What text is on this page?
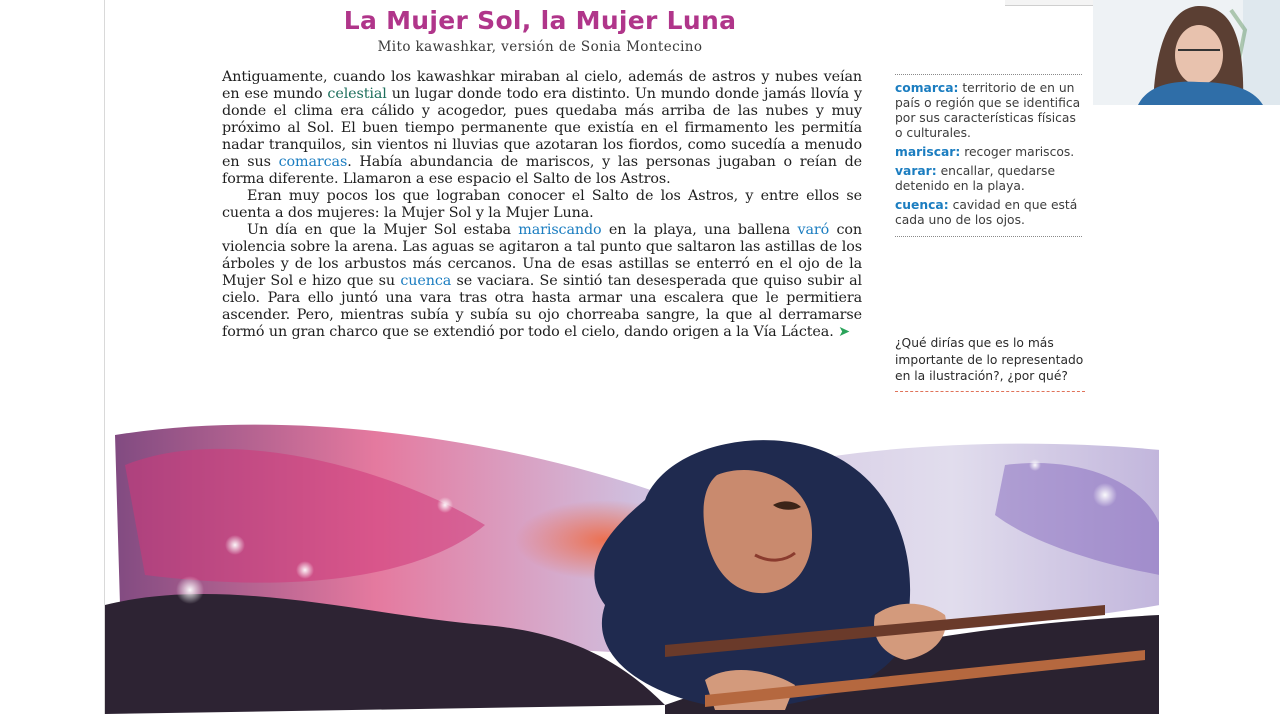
La Mujer Sol, la Mujer Luna
Mito kawashkar, versión de Sonia Montecino

Antiguamente, cuando los kawashkar miraban al cielo, además de astros y nubes veían en ese mundo celestial un lugar donde todo era distinto. Un mundo donde jamás llovía y donde el clima era cálido y acogedor, pues quedaba más arriba de las nubes y muy próximo al Sol. El buen tiempo permanente que existía en el firmamento les permitía nadar tranquilos, sin vientos ni lluvias que azotaran los fiordos, como sucedía a menudo en sus comarcas. Había abundancia de mariscos, y las personas jugaban o reían de forma diferente. Llamaron a ese espacio el Salto de los Astros.

Eran muy pocos los que lograban conocer el Salto de los Astros, y entre ellos se cuenta a dos mujeres: la Mujer Sol y la Mujer Luna.

Un día en que la Mujer Sol estaba mariscando en la playa, una ballena varó con violencia sobre la arena. Las aguas se agitaron a tal punto que saltaron las astillas de los árboles y de los arbustos más cercanos. Una de esas astillas se enterró en el ojo de la Mujer Sol e hizo que su cuenca se vaciara. Se sintió tan desesperada que quiso subir al cielo. Para ello juntó una vara tras otra hasta armar una escalera que le permitiera ascender. Pero, mientras subía y subía su ojo chorreaba sangre, la que al derramarse formó un gran charco que se extendió por todo el cielo, dando origen a la Vía Láctea. ➤

comarca: territorio de en un país o región que se identifica por sus características físicas o culturales.
mariscar: recoger mariscos.
varar: encallar, quedarse detenido en la playa.
cuenca: cavidad en que está cada uno de los ojos.
¿Qué dirías que es lo más importante de lo representado en la ilustración?, ¿por qué?
